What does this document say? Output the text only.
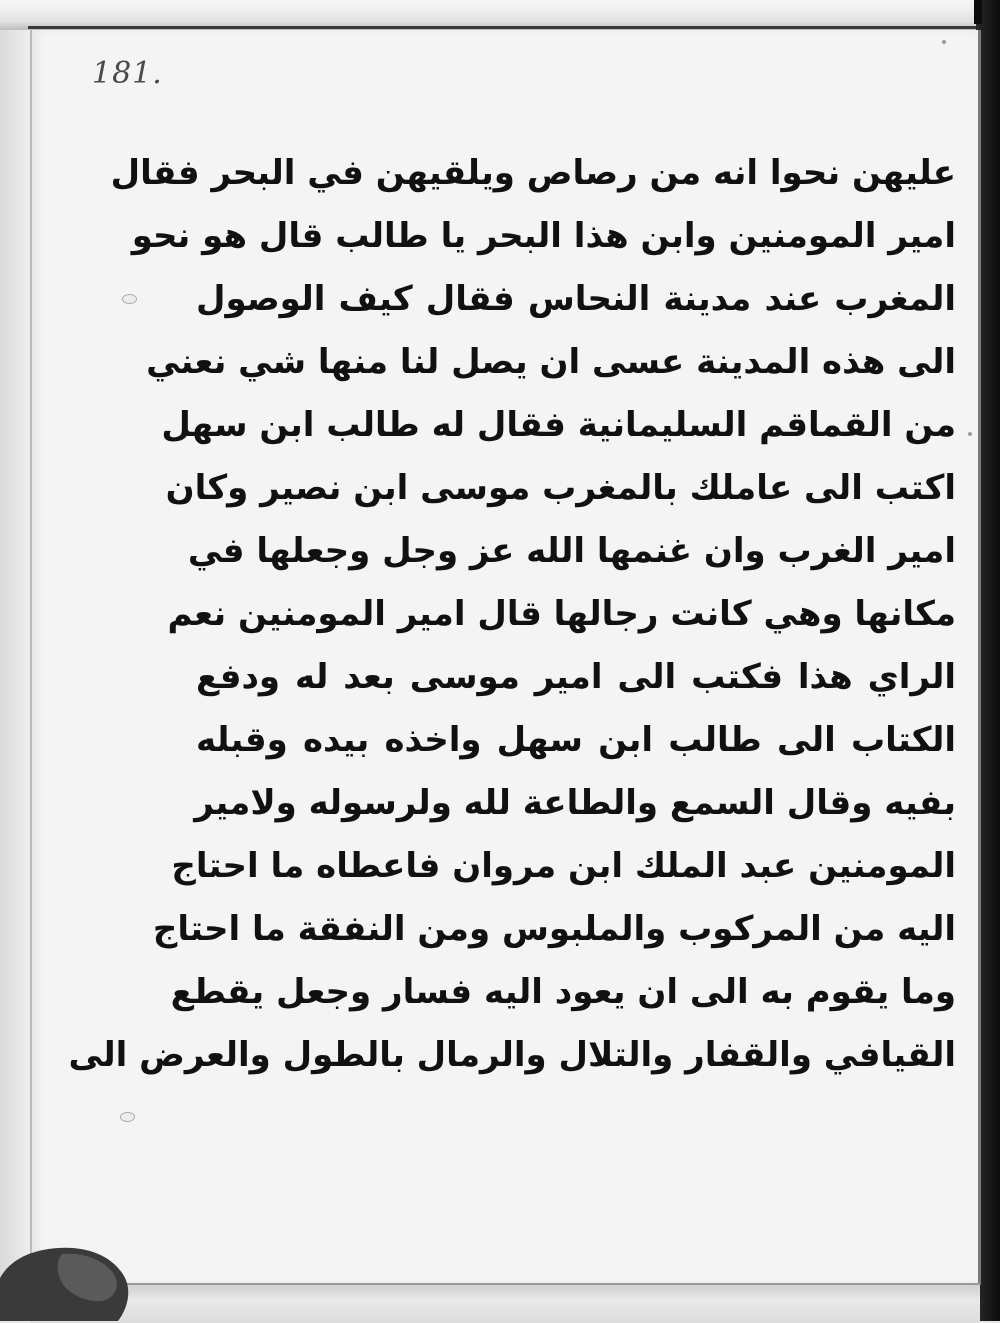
181.
عليهن نحوا انه من رصاص ويلقيهن في البحر فقال
امير المومنين وابن هذا البحر يا طالب قال هو نحو
المغرب عند مدينة النحاس فقال كيف الوصول
الى هذه المدينة عسى ان يصل لنا منها شي نعني
من القماقم السليمانية فقال له طالب ابن سهل
اكتب الى عاملك بالمغرب موسى ابن نصير وكان
امير الغرب وان غنمها الله عز وجل وجعلها في
مكانها وهي كانت رجالها قال امير المومنين نعم
الراي هذا فكتب الى امير موسى بعد له ودفع
الكتاب الى طالب ابن سهل واخذه بيده وقبله
بفيه وقال السمع والطاعة لله ولرسوله ولامير
المومنين عبد الملك ابن مروان فاعطاه ما احتاج
اليه من المركوب والملبوس ومن النفقة ما احتاج
وما يقوم به الى ان يعود اليه فسار وجعل يقطع
القيافي والقفار والتلال والرمال بالطول والعرض الى
